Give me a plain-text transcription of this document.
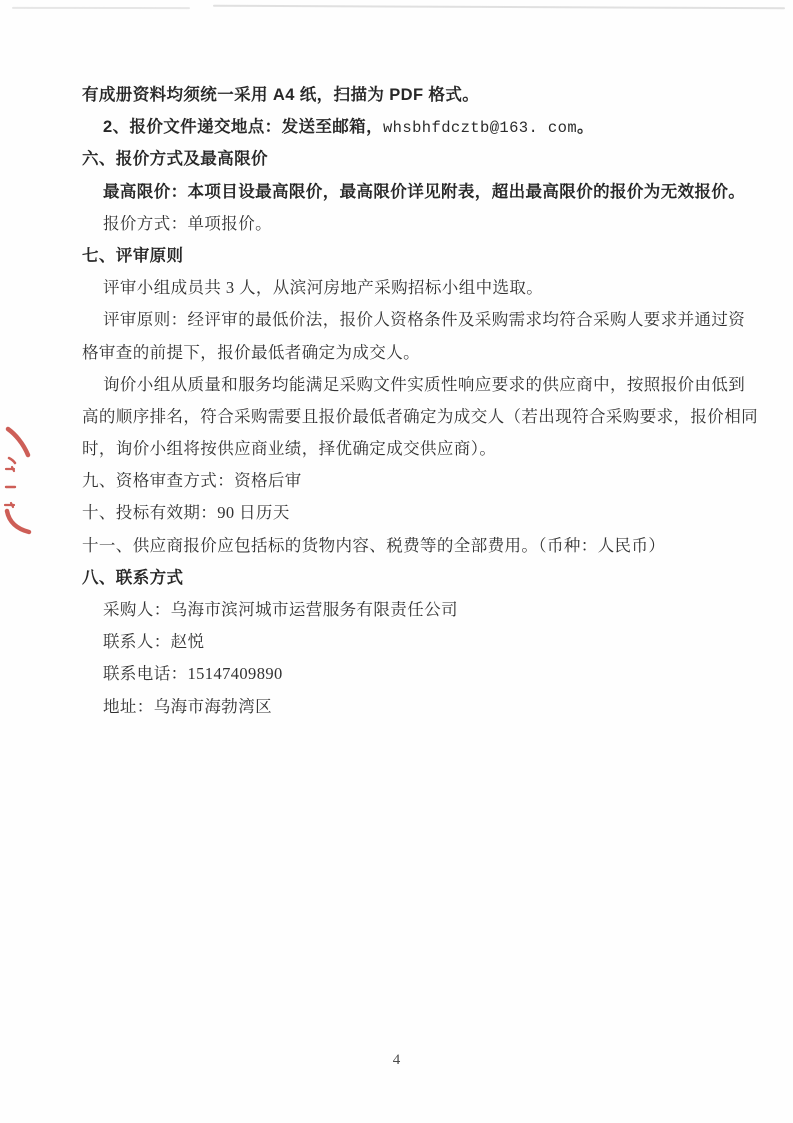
有成册资料均须统一采用 A4 纸，扫描为 PDF 格式。
2、报价文件递交地点：发送至邮箱，whsbhfdcztb@163. com。
六、报价方式及最高限价
最高限价：本项目设最高限价，最高限价详见附表，超出最高限价的报价为无效报价。
报价方式：单项报价。
七、评审原则
评审小组成员共 3 人，从滨河房地产采购招标小组中选取。
评审原则：经评审的最低价法，报价人资格条件及采购需求均符合采购人要求并通过资
格审查的前提下，报价最低者确定为成交人。
询价小组从质量和服务均能满足采购文件实质性响应要求的供应商中，按照报价由低到
高的顺序排名，符合采购需要且报价最低者确定为成交人（若出现符合采购要求，报价相同
时，询价小组将按供应商业绩，择优确定成交供应商）。
九、资格审查方式：资格后审
十、投标有效期：90 日历天
十一、供应商报价应包括标的货物内容、税费等的全部费用。（币种：人民币）
八、联系方式
采购人：乌海市滨河城市运营服务有限责任公司
联系人：赵悦
联系电话：15147409890
地址：乌海市海勃湾区
4
